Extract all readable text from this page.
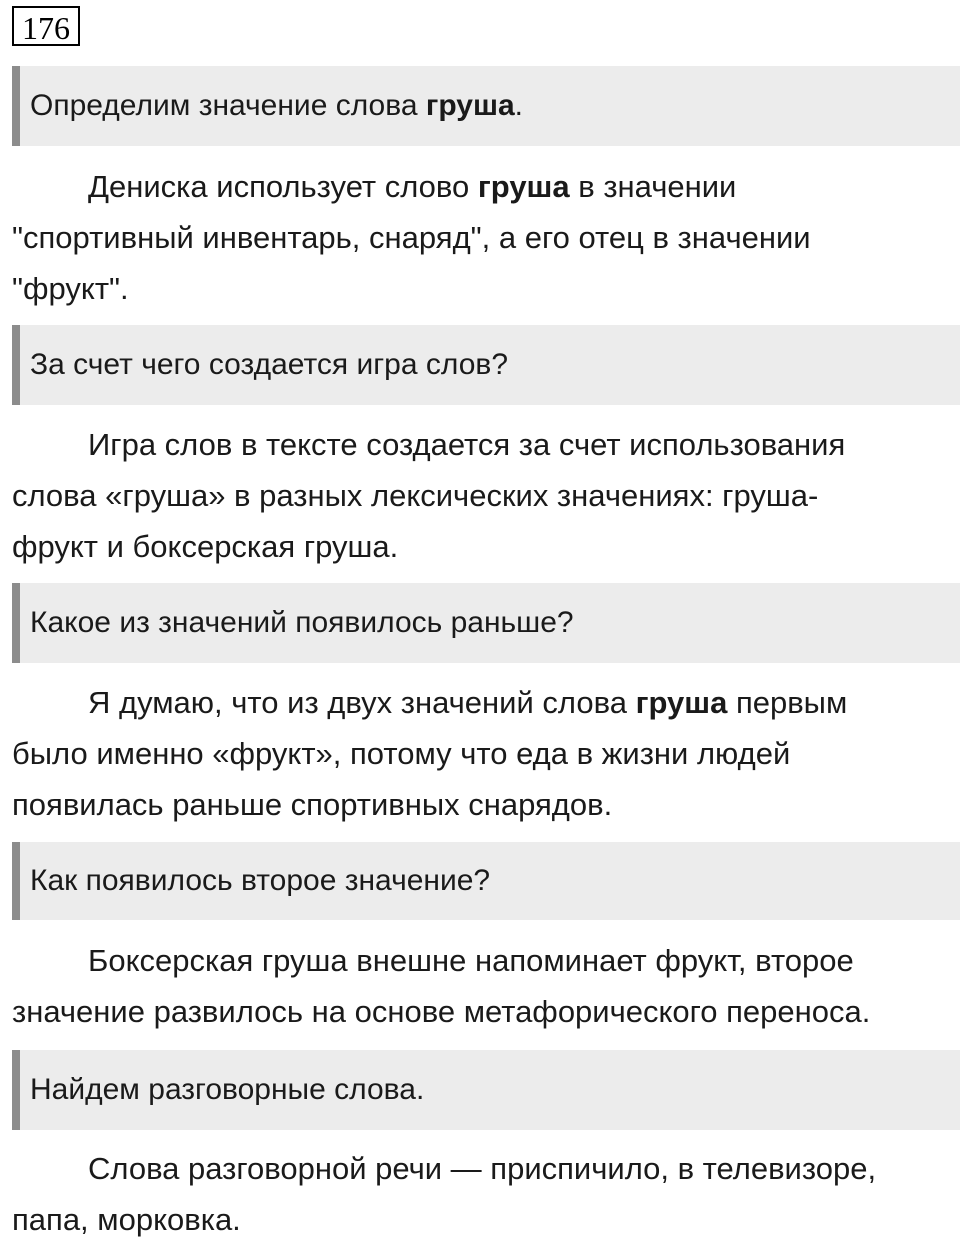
176
Определим значение слова груша.
Дениска использует слово груша в значении
"спортивный инвентарь, снаряд", а его отец в значении
"фрукт".
За счет чего создается игра слов?
Игра слов в тексте создается за счет использования
слова «груша» в разных лексических значениях: груша-
фрукт и боксерская груша.
Какое из значений появилось раньше?
Я думаю, что из двух значений слова груша первым
было именно «фрукт», потому что еда в жизни людей
появилась раньше спортивных снарядов.
Как появилось второе значение?
Боксерская груша внешне напоминает фрукт, второе
значение развилось на основе метафорического переноса.
Найдем разговорные слова.
Слова разговорной речи — приспичило, в телевизоре,
папа, морковка.
